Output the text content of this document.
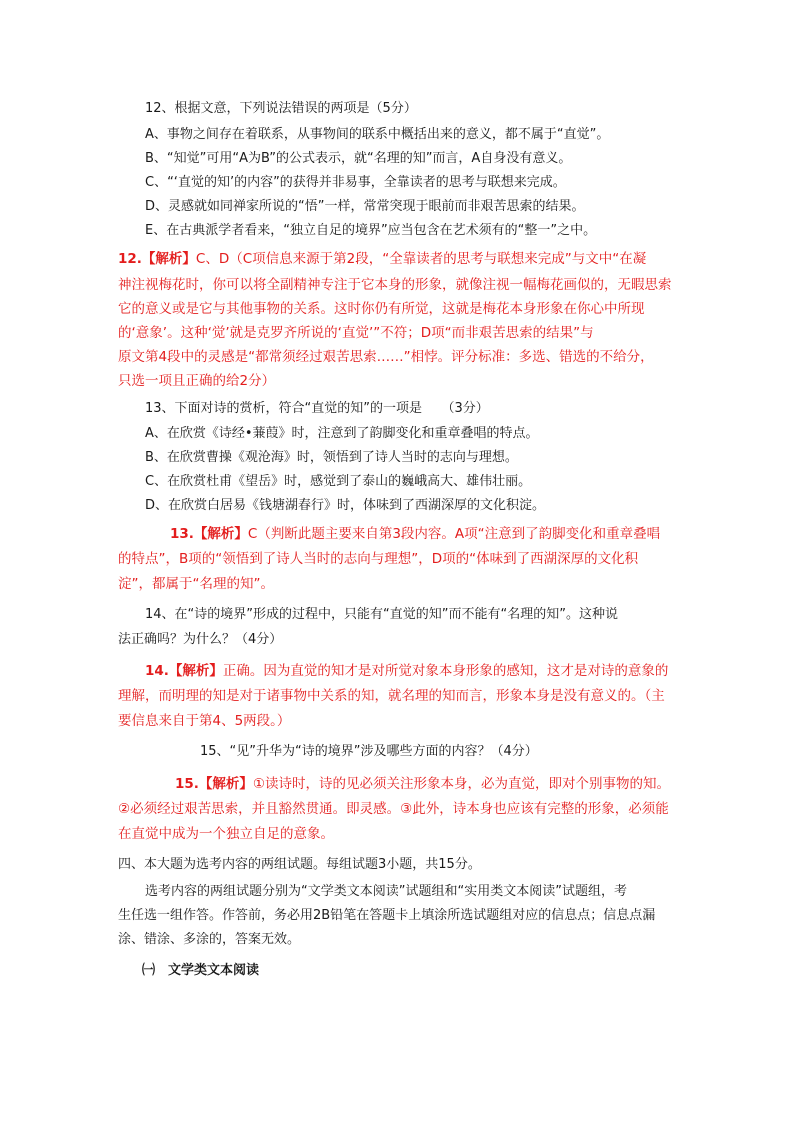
12、根据文意，下列说法错误的两项是（5分）
A、事物之间存在着联系，从事物间的联系中概括出来的意义，都不属于“直觉”。
B、“知觉”可用“A为B”的公式表示，就“名理的知”而言，A自身没有意义。
C、“‘直觉的知’的内容”的获得并非易事，全靠读者的思考与联想来完成。
D、灵感就如同禅家所说的“悟”一样，常常突现于眼前而非艰苦思索的结果。
E、在古典派学者看来，“独立自足的境界”应当包含在艺术须有的“整一”之中。
12.【解析】C、D（C项信息来源于第2段，“全靠读者的思考与联想来完成”与文中“在凝
神注视梅花时，你可以将全副精神专注于它本身的形象，就像注视一幅梅花画似的，无暇思索
它的意义或是它与其他事物的关系。这时你仍有所觉，这就是梅花本身形象在你心中所现
的‘意象’。这种‘觉’就是克罗齐所说的‘直觉’”不符；D项“而非艰苦思索的结果”与
原文第4段中的灵感是“都常须经过艰苦思索……”相悖。评分标准：多选、错选的不给分，
只选一项且正确的给2分）
13、下面对诗的赏析，符合“直觉的知”的一项是　　（3分）
A、在欣赏《诗经•蒹葭》时，注意到了韵脚变化和重章叠唱的特点。
B、在欣赏曹操《观沧海》时，领悟到了诗人当时的志向与理想。
C、在欣赏杜甫《望岳》时，感觉到了泰山的巍峨高大、雄伟壮丽。
D、在欣赏白居易《钱塘湖春行》时，体味到了西湖深厚的文化积淀。
13.【解析】C（判断此题主要来自第3段内容。A项“注意到了韵脚变化和重章叠唱
的特点”，B项的“领悟到了诗人当时的志向与理想”，D项的“体味到了西湖深厚的文化积
淀”，都属于“名理的知”。
14、在“诗的境界”形成的过程中，只能有“直觉的知”而不能有“名理的知”。这种说
法正确吗？为什么？（4分）
14.【解析】正确。因为直觉的知才是对所觉对象本身形象的感知，这才是对诗的意象的
理解，而明理的知是对于诸事物中关系的知，就名理的知而言，形象本身是没有意义的。（主
要信息来自于第4、5两段。）
15、“见”升华为“诗的境界”涉及哪些方面的内容？（4分）
15.【解析】①读诗时，诗的见必须关注形象本身，必为直觉，即对个别事物的知。
②必须经过艰苦思索，并且豁然贯通。即灵感。③此外，诗本身也应该有完整的形象，必须能
在直觉中成为一个独立自足的意象。
四、本大题为选考内容的两组试题。每组试题3小题，共15分。
选考内容的两组试题分别为“文学类文本阅读”试题组和“实用类文本阅读”试题组，考
生任选一组作答。作答前，务必用2B铅笔在答题卡上填涂所选试题组对应的信息点；信息点漏
涂、错涂、多涂的，答案无效。
㈠　文学类文本阅读
